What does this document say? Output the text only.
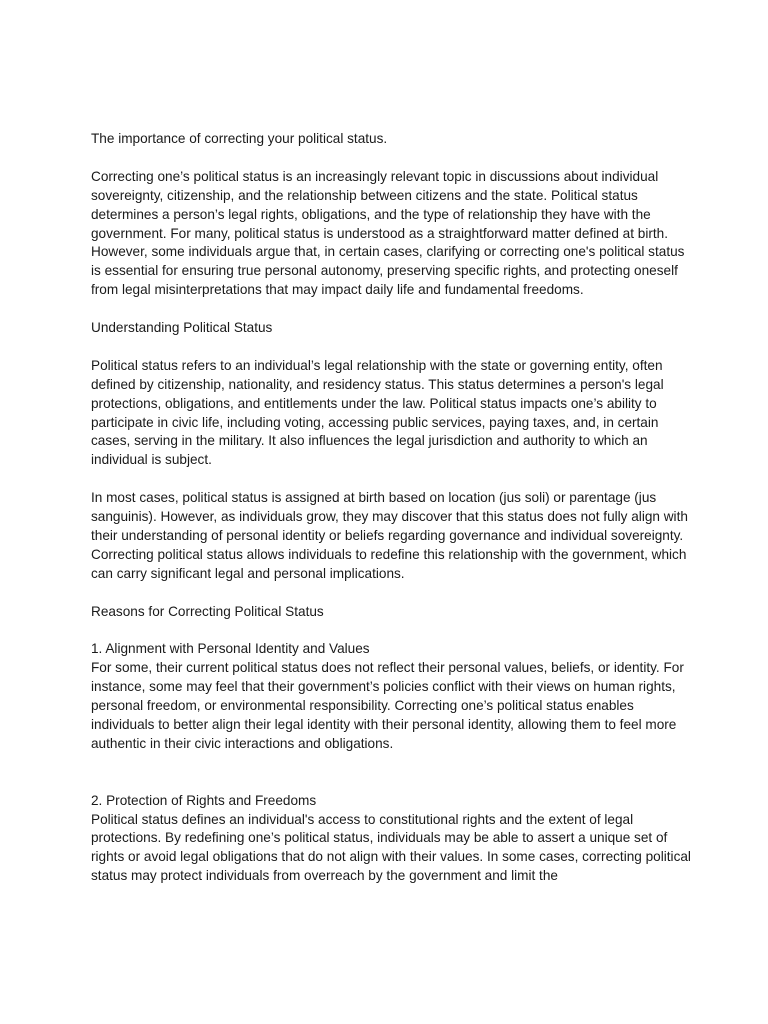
The importance of correcting your political status.

Correcting one’s political status is an increasingly relevant topic in discussions about individual sovereignty, citizenship, and the relationship between citizens and the state. Political status determines a person’s legal rights, obligations, and the type of relationship they have with the government. For many, political status is understood as a straightforward matter defined at birth. However, some individuals argue that, in certain cases, clarifying or correcting one's political status is essential for ensuring true personal autonomy, preserving specific rights, and protecting oneself from legal misinterpretations that may impact daily life and fundamental freedoms.

Understanding Political Status

Political status refers to an individual’s legal relationship with the state or governing entity, often defined by citizenship, nationality, and residency status. This status determines a person's legal protections, obligations, and entitlements under the law. Political status impacts one’s ability to participate in civic life, including voting, accessing public services, paying taxes, and, in certain cases, serving in the military. It also influences the legal jurisdiction and authority to which an individual is subject.

In most cases, political status is assigned at birth based on location (jus soli) or parentage (jus sanguinis). However, as individuals grow, they may discover that this status does not fully align with their understanding of personal identity or beliefs regarding governance and individual sovereignty. Correcting political status allows individuals to redefine this relationship with the government, which can carry significant legal and personal implications.

Reasons for Correcting Political Status

1. Alignment with Personal Identity and Values

For some, their current political status does not reflect their personal values, beliefs, or identity. For instance, some may feel that their government’s policies conflict with their views on human rights, personal freedom, or environmental responsibility. Correcting one’s political status enables individuals to better align their legal identity with their personal identity, allowing them to feel more authentic in their civic interactions and obligations.

2. Protection of Rights and Freedoms

Political status defines an individual's access to constitutional rights and the extent of legal protections. By redefining one’s political status, individuals may be able to assert a unique set of rights or avoid legal obligations that do not align with their values. In some cases, correcting political status may protect individuals from overreach by the government and limit the
